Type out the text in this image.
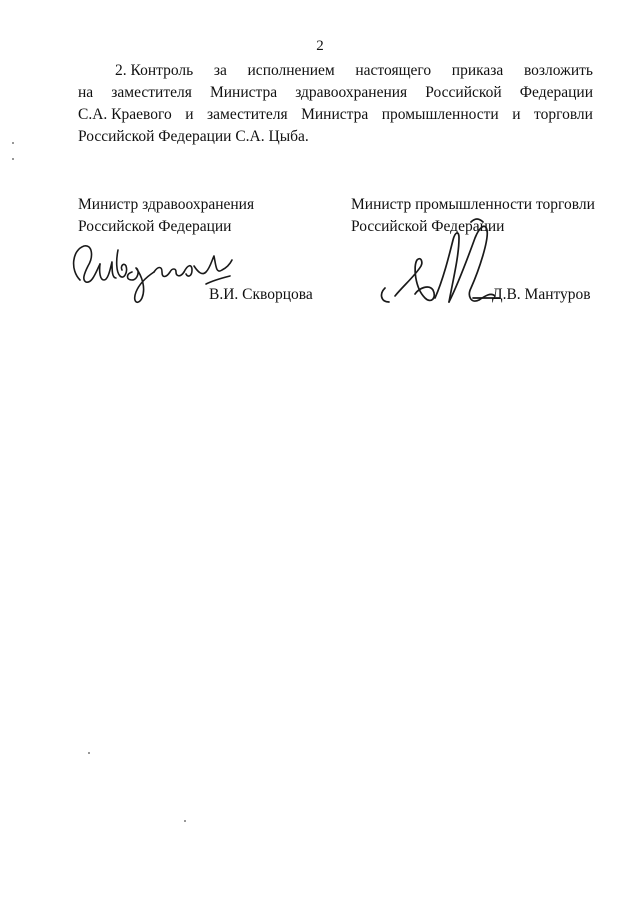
2
2. Контроль за исполнением настоящего приказа возложить
на заместителя Министра здравоохранения Российской Федерации
С.А. Краевого и заместителя Министра промышленности и торговли
Российской Федерации С.А. Цыба.
Министр здравоохранения
Российской Федерации
В.И. Скворцова
Министр промышленности торговли
Российской Федерации
Д.В. Мантуров
